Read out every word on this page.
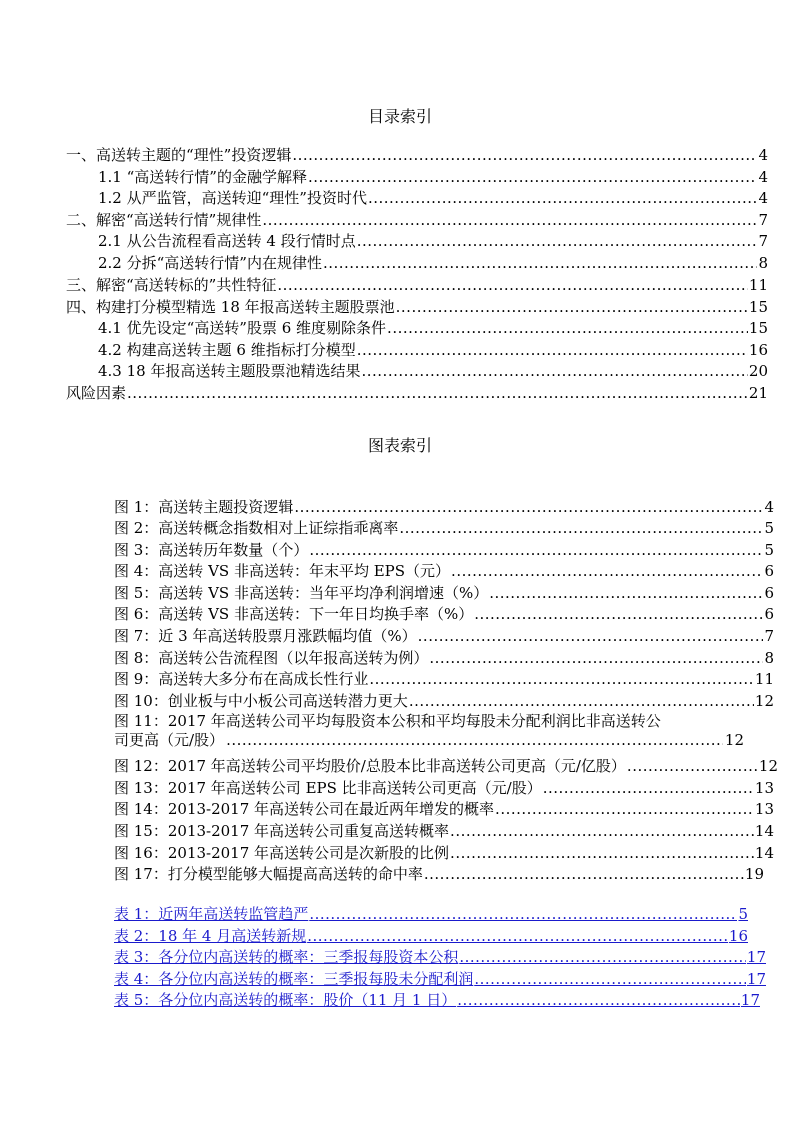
目录索引
一、高送转主题的“理性”投资逻辑 .....	4
1.1 “高送转行情”的金融学解释 .....	4
1.2 从严监管，高送转迎“理性”投资时代 .....	4
二、解密“高送转行情”规律性 .....	7
2.1 从公告流程看高送转 4 段行情时点 .....	7
2.2 分拆“高送转行情”内在规律性 .....	8
三、解密“高送转标的”共性特征 .....	11
四、构建打分模型精选 18 年报高送转主题股票池 .....	15
4.1 优先设定“高送转”股票 6 维度剔除条件 .....	15
4.2 构建高送转主题 6 维指标打分模型 .....	16
4.3 18 年报高送转主题股票池精选结果 .....	20
风险因素 .....	21
图表索引
图 1：高送转主题投资逻辑 .....	4
图 2：高送转概念指数相对上证综指乖离率 .....	5
图 3：高送转历年数量（个） .....	5
图 4：高送转 VS 非高送转：年末平均 EPS（元） .....	6
图 5：高送转 VS 非高送转：当年平均净利润增速（%） .....	6
图 6：高送转 VS 非高送转：下一年日均换手率（%） .....	6
图 7：近 3 年高送转股票月涨跌幅均值（%） .....	7
图 8：高送转公告流程图（以年报高送转为例） .....	8
图 9：高送转大多分布在高成长性行业 .....	11
图 10：创业板与中小板公司高送转潜力更大 .....	12
图 11：2017 年高送转公司平均每股资本公积和平均每股未分配利润比非高送转公
司更高（元/股） .....	12
图 12：2017 年高送转公司平均股价/总股本比非高送转公司更高（元/亿股） .....	12
图 13：2017 年高送转公司 EPS 比非高送转公司更高（元/股） .....	13
图 14：2013-2017 年高送转公司在最近两年增发的概率 .....	13
图 15：2013-2017 年高送转公司重复高送转概率 .....	14
图 16：2013-2017 年高送转公司是次新股的比例 .....	14
图 17：打分模型能够大幅提高高送转的命中率 .....	19
表 1：近两年高送转监管趋严 .....	5
表 2：18 年 4 月高送转新规 .....	16
表 3：各分位内高送转的概率：三季报每股资本公积 .....	17
表 4：各分位内高送转的概率：三季报每股未分配利润 .....	17
表 5：各分位内高送转的概率：股价（11 月 1 日） .....	17
